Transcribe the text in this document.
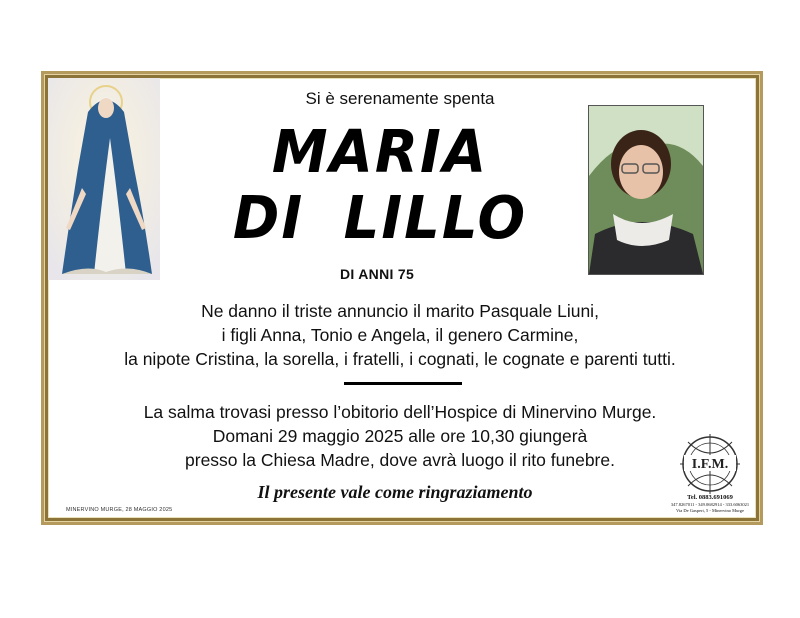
Si è serenamente spenta
MARIA
DI LILLO
DI ANNI 75
Ne danno il triste annuncio il marito Pasquale Liuni,
i figli Anna, Tonio e Angela, il genero Carmine,
la nipote Cristina, la sorella, i fratelli, i cognati, le cognate e parenti tutti.
La salma trovasi presso l’obitorio dell’Hospice di Minervino Murge.
Domani 29 maggio 2025 alle ore 10,30 giungerà
presso la Chiesa Madre, dove avrà luogo il rito funebre.
Il presente vale come ringraziamento
MINERVINO MURGE, 28 MAGGIO 2025
I.F.M.
Tel. 0883.691069
347.8267011 - 349.0682914 - 333.6063021
Via De Gasperi, 5 - Minervino Murge
